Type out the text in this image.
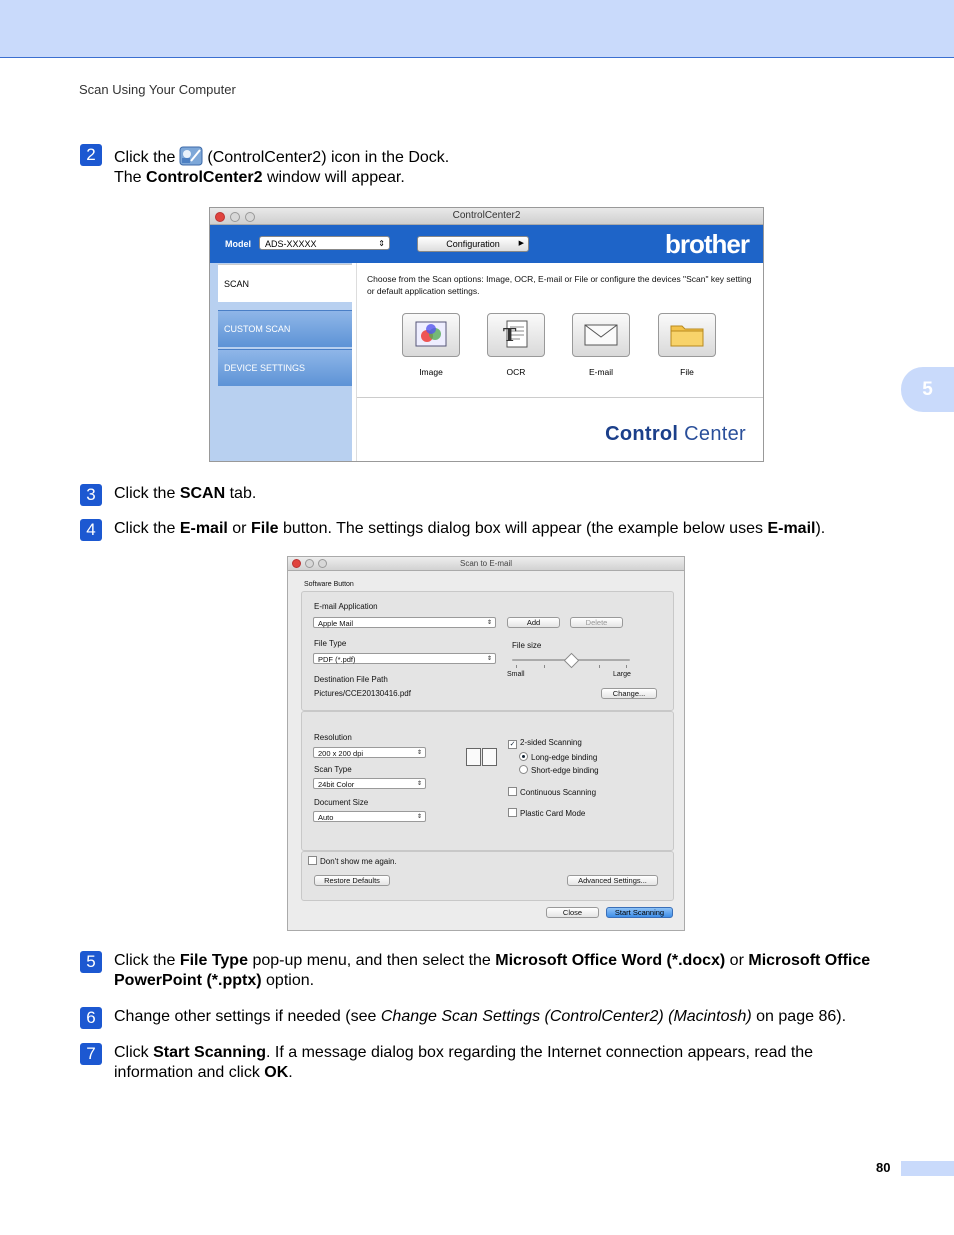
Scan Using Your Computer
5
2	Click the (ControlCenter2) icon in the Dock.
The ControlCenter2 window will appear.
ControlCenter2
Model	ADS-XXXXX	⇕	Configuration	▶	brother
SCAN
CUSTOM SCAN
DEVICE SETTINGS
Choose from the Scan options: Image, OCR, E-mail or File or configure the devices "Scan" key setting or default application settings.
Image
T
OCR	E-mail	File
Control Center
3	Click the SCAN tab.
4	Click the E-mail or File button. The settings dialog box will appear (the example below uses E-mail).
Scan to E-mail
Software Button
E-mail Application
Apple Mail	⇕	Add	Delete
File Type
PDF (*.pdf)	⇕
File size
Small	Large
Destination File Path
Pictures/CCE20130416.pdf	Change...
Resolution
200 x 200 dpi	⇕
Scan Type
24bit Color	⇕
Document Size
Auto	⇕
✓ 2-sided Scanning
Long-edge binding
Short-edge binding
Continuous Scanning
Plastic Card Mode
Don't show me again.
Restore Defaults	Advanced Settings...
Close	Start Scanning
5	Click the File Type pop-up menu, and then select the Microsoft Office Word (*.docx) or Microsoft Office PowerPoint (*.pptx) option.
6	Change other settings if needed (see Change Scan Settings (ControlCenter2) (Macintosh) on page 86).
7	Click Start Scanning. If a message dialog box regarding the Internet connection appears, read the information and click OK.
80
